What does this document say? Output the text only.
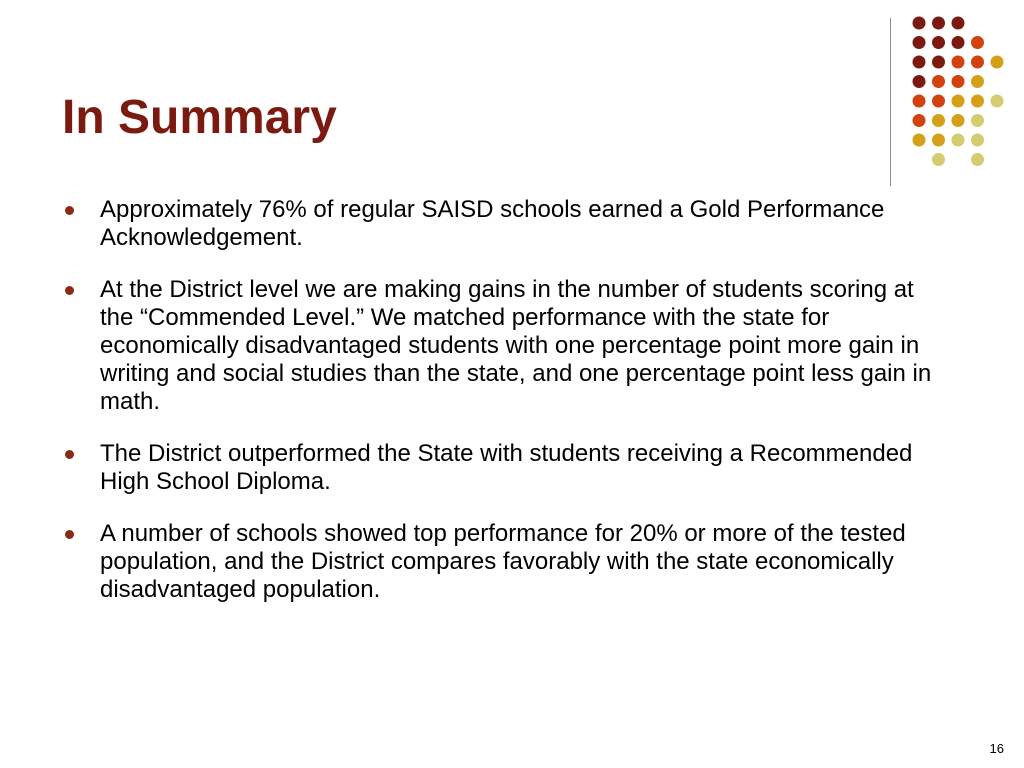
In Summary
Approximately 76% of regular SAISD schools earned a Gold Performance Acknowledgement.
At the District level we are making gains in the number of students scoring at the “Commended Level.” We matched performance with the state for economically disadvantaged students with one percentage point more gain in writing and social studies than the state, and one percentage point less gain in math.
The District outperformed the State with students receiving a Recommended High School Diploma.
A number of schools showed top performance for 20% or more of the tested population, and the District compares favorably with the state economically disadvantaged population.
16
